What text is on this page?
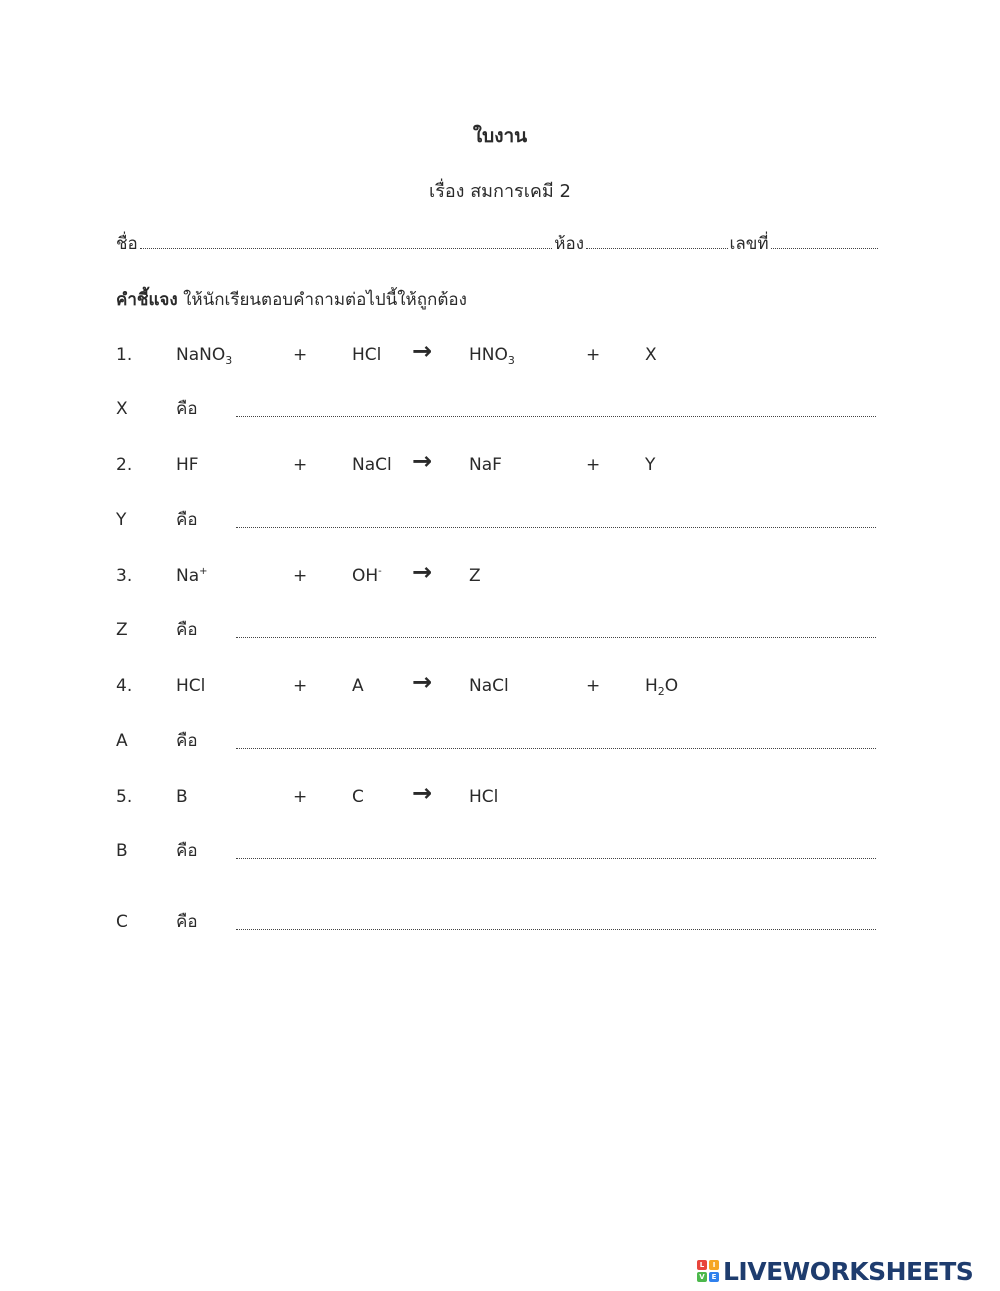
ใบงาน
เรื่อง สมการเคมี 2
ชื่อ	ห้อง	เลขที่
คำชี้แจง ให้นักเรียนตอบคำถามต่อไปนี้ให้ถูกต้อง
1.	NaNO$_3$	+	HCl → $HNO_3$	+	X
X	คือ
2.	HF	+	NaCl → NaF	+	Y
Y	คือ
3.	Na+	+	OH- → Z
Z	คือ
4.	HCl	+	A → NaCl	+	$H_2O$
A	คือ
5.	B	+	C → HCl
B	คือ
C	คือ
L	I
V E LIVEWORKSHEETS
